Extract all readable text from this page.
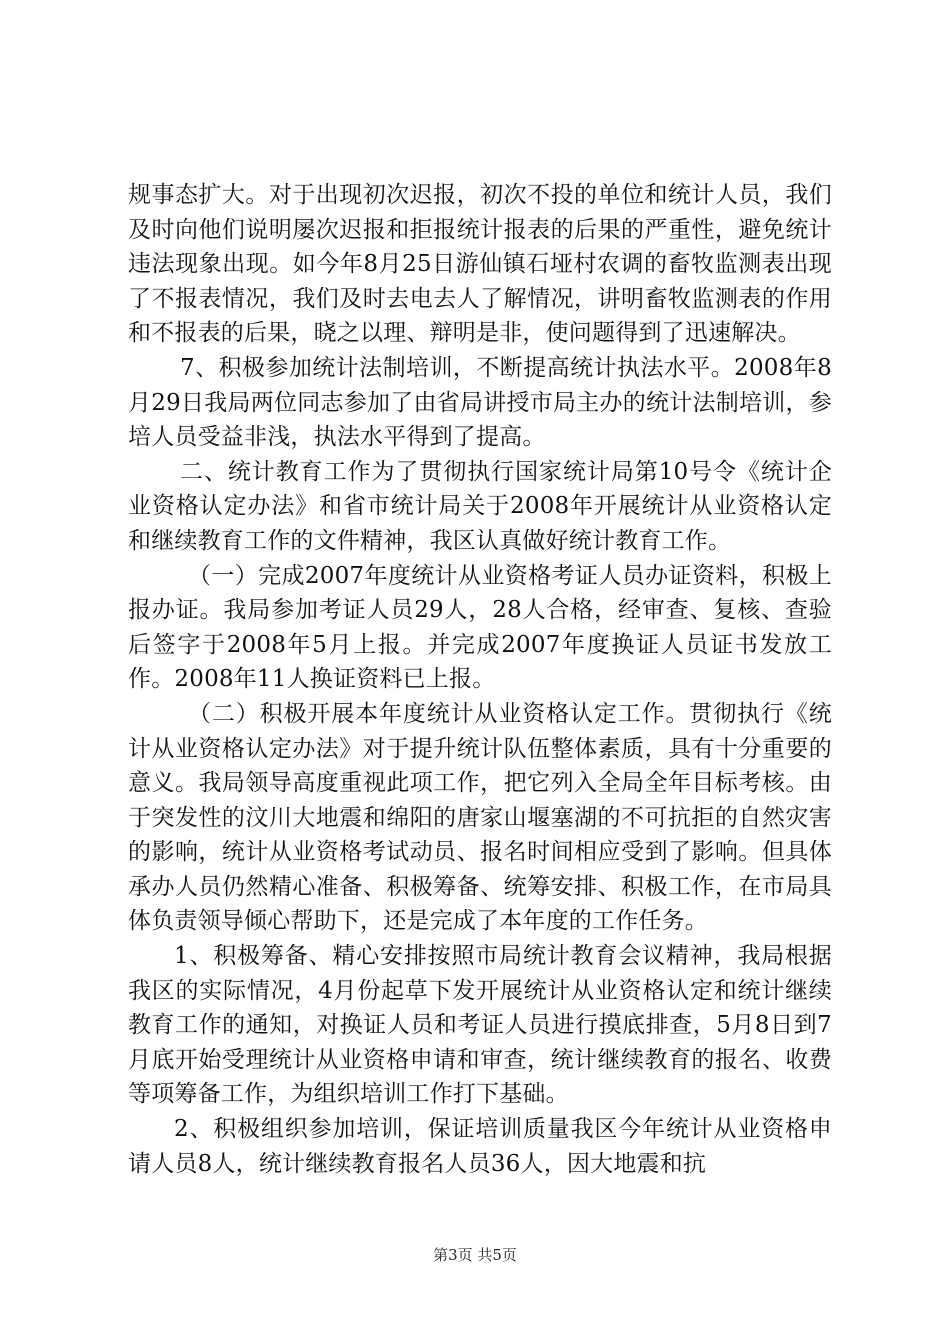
规事态扩大。对于出现初次迟报，初次不投的单位和统计人员，我们及时向他们说明屡次迟报和拒报统计报表的后果的严重性，避免统计违法现象出现。如今年8月25日游仙镇石垭村农调的畜牧监测表出现了不报表情况，我们及时去电去人了解情况，讲明畜牧监测表的作用和不报表的后果，晓之以理、辩明是非，使问题得到了迅速解决。

7、积极参加统计法制培训，不断提高统计执法水平。2008年8月29日我局两位同志参加了由省局讲授市局主办的统计法制培训，参培人员受益非浅，执法水平得到了提高。

二、统计教育工作为了贯彻执行国家统计局第10号令《统计企业资格认定办法》和省市统计局关于2008年开展统计从业资格认定和继续教育工作的文件精神，我区认真做好统计教育工作。

（一）完成2007年度统计从业资格考证人员办证资料，积极上报办证。我局参加考证人员29人，28人合格，经审查、复核、查验后签字于2008年5月上报。并完成2007年度换证人员证书发放工作。2008年11人换证资料已上报。

（二）积极开展本年度统计从业资格认定工作。贯彻执行《统计从业资格认定办法》对于提升统计队伍整体素质，具有十分重要的意义。我局领导高度重视此项工作，把它列入全局全年目标考核。由于突发性的汶川大地震和绵阳的唐家山堰塞湖的不可抗拒的自然灾害的影响，统计从业资格考试动员、报名时间相应受到了影响。但具体承办人员仍然精心准备、积极筹备、统筹安排、积极工作，在市局具体负责领导倾心帮助下，还是完成了本年度的工作任务。

1、积极筹备、精心安排按照市局统计教育会议精神，我局根据我区的实际情况，4月份起草下发开展统计从业资格认定和统计继续教育工作的通知，对换证人员和考证人员进行摸底排查，5月8日到7月底开始受理统计从业资格申请和审查，统计继续教育的报名、收费等项筹备工作，为组织培训工作打下基础。

2、积极组织参加培训，保证培训质量我区今年统计从业资格申请人员8人，统计继续教育报名人员36人，因大地震和抗

第3页 共5页
